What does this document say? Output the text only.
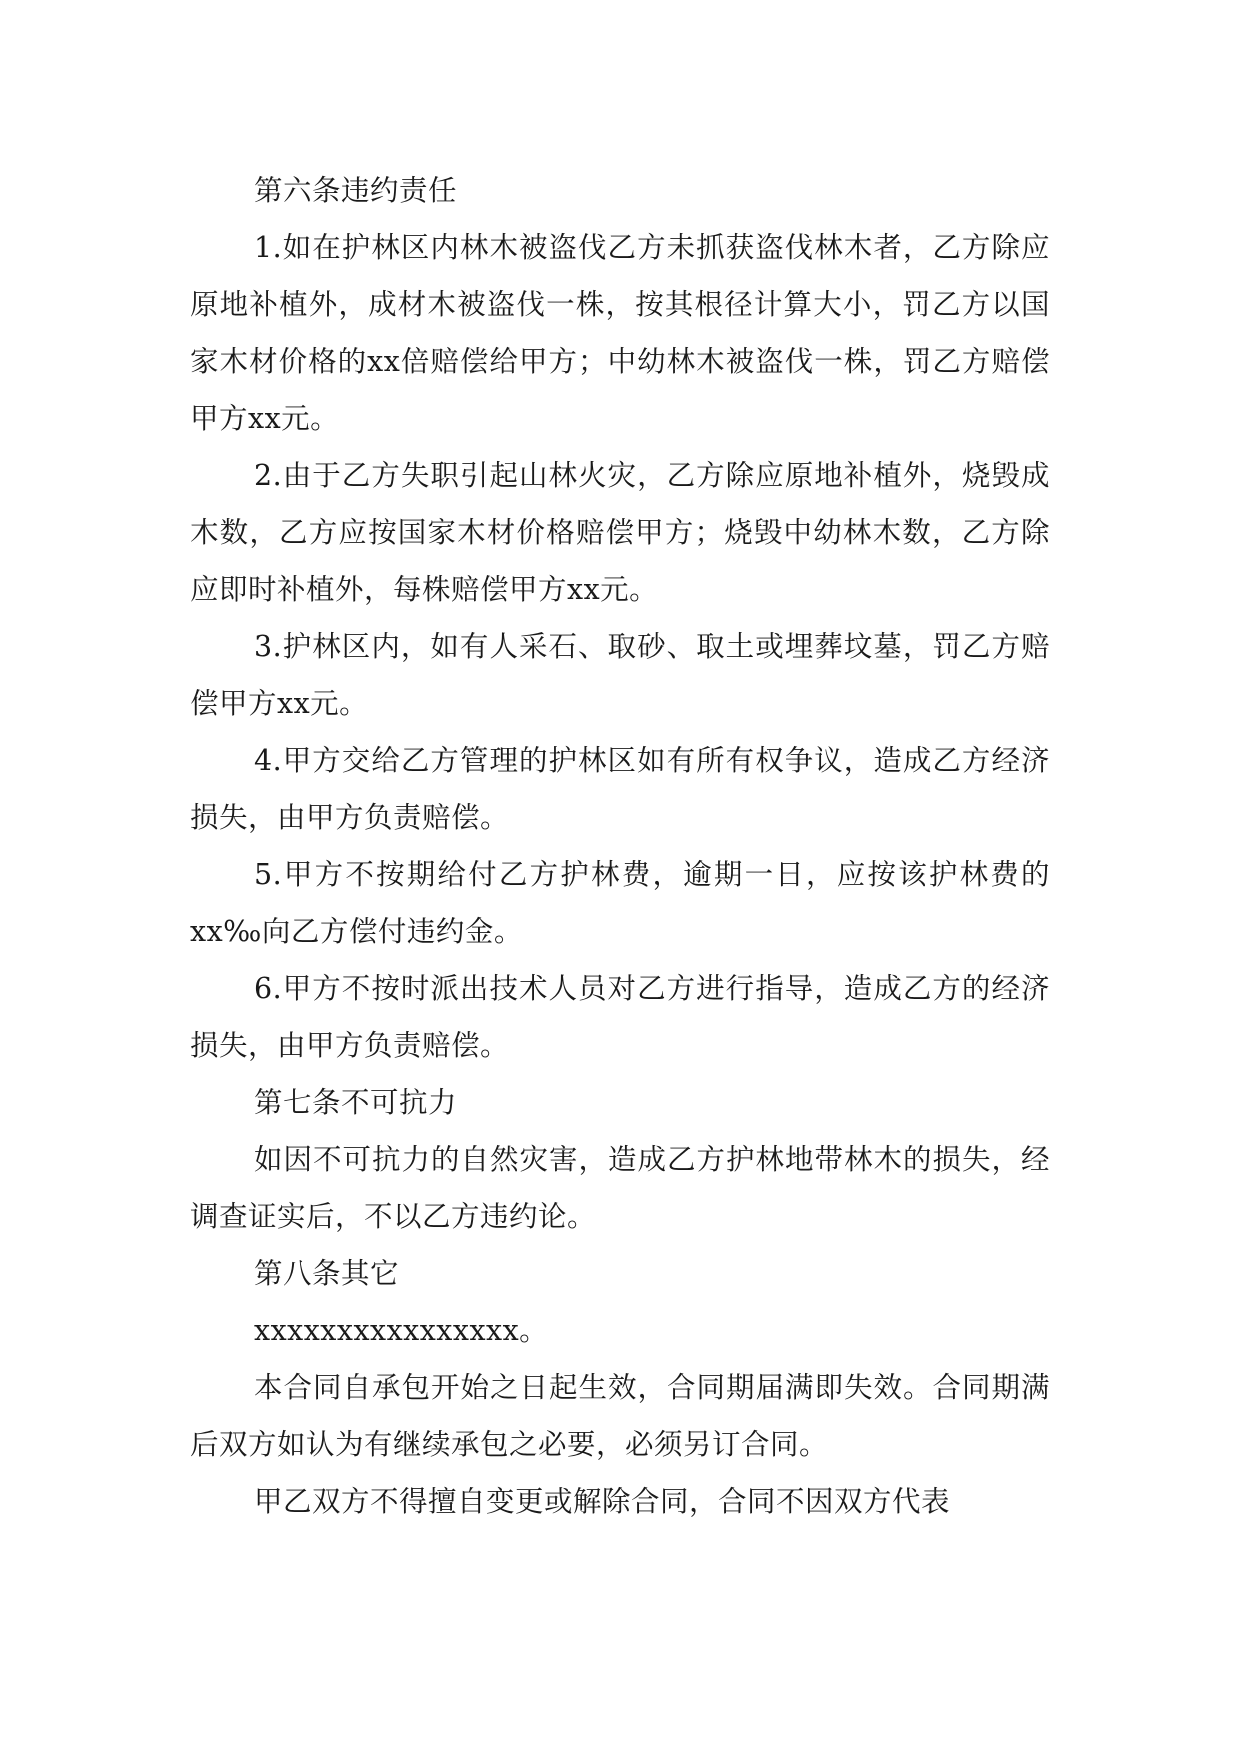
第六条违约责任

1.如在护林区内林木被盗伐乙方未抓获盗伐林木者，乙方除应原地补植外，成材木被盗伐一株，按其根径计算大小，罚乙方以国家木材价格的xx倍赔偿给甲方；中幼林木被盗伐一株，罚乙方赔偿甲方xx元。

2.由于乙方失职引起山林火灾，乙方除应原地补植外，烧毁成木数，乙方应按国家木材价格赔偿甲方；烧毁中幼林木数，乙方除应即时补植外，每株赔偿甲方xx元。

3.护林区内，如有人采石、取砂、取土或埋葬坟墓，罚乙方赔偿甲方xx元。

4.甲方交给乙方管理的护林区如有所有权争议，造成乙方经济损失，由甲方负责赔偿。

5.甲方不按期给付乙方护林费，逾期一日，应按该护林费的xx‰向乙方偿付违约金。

6.甲方不按时派出技术人员对乙方进行指导，造成乙方的经济损失，由甲方负责赔偿。

第七条不可抗力

如因不可抗力的自然灾害，造成乙方护林地带林木的损失，经调查证实后，不以乙方违约论。

第八条其它

xxxxxxxxxxxxxxxx。

本合同自承包开始之日起生效，合同期届满即失效。合同期满后双方如认为有继续承包之必要，必须另订合同。

甲乙双方不得擅自变更或解除合同，合同不因双方代表
